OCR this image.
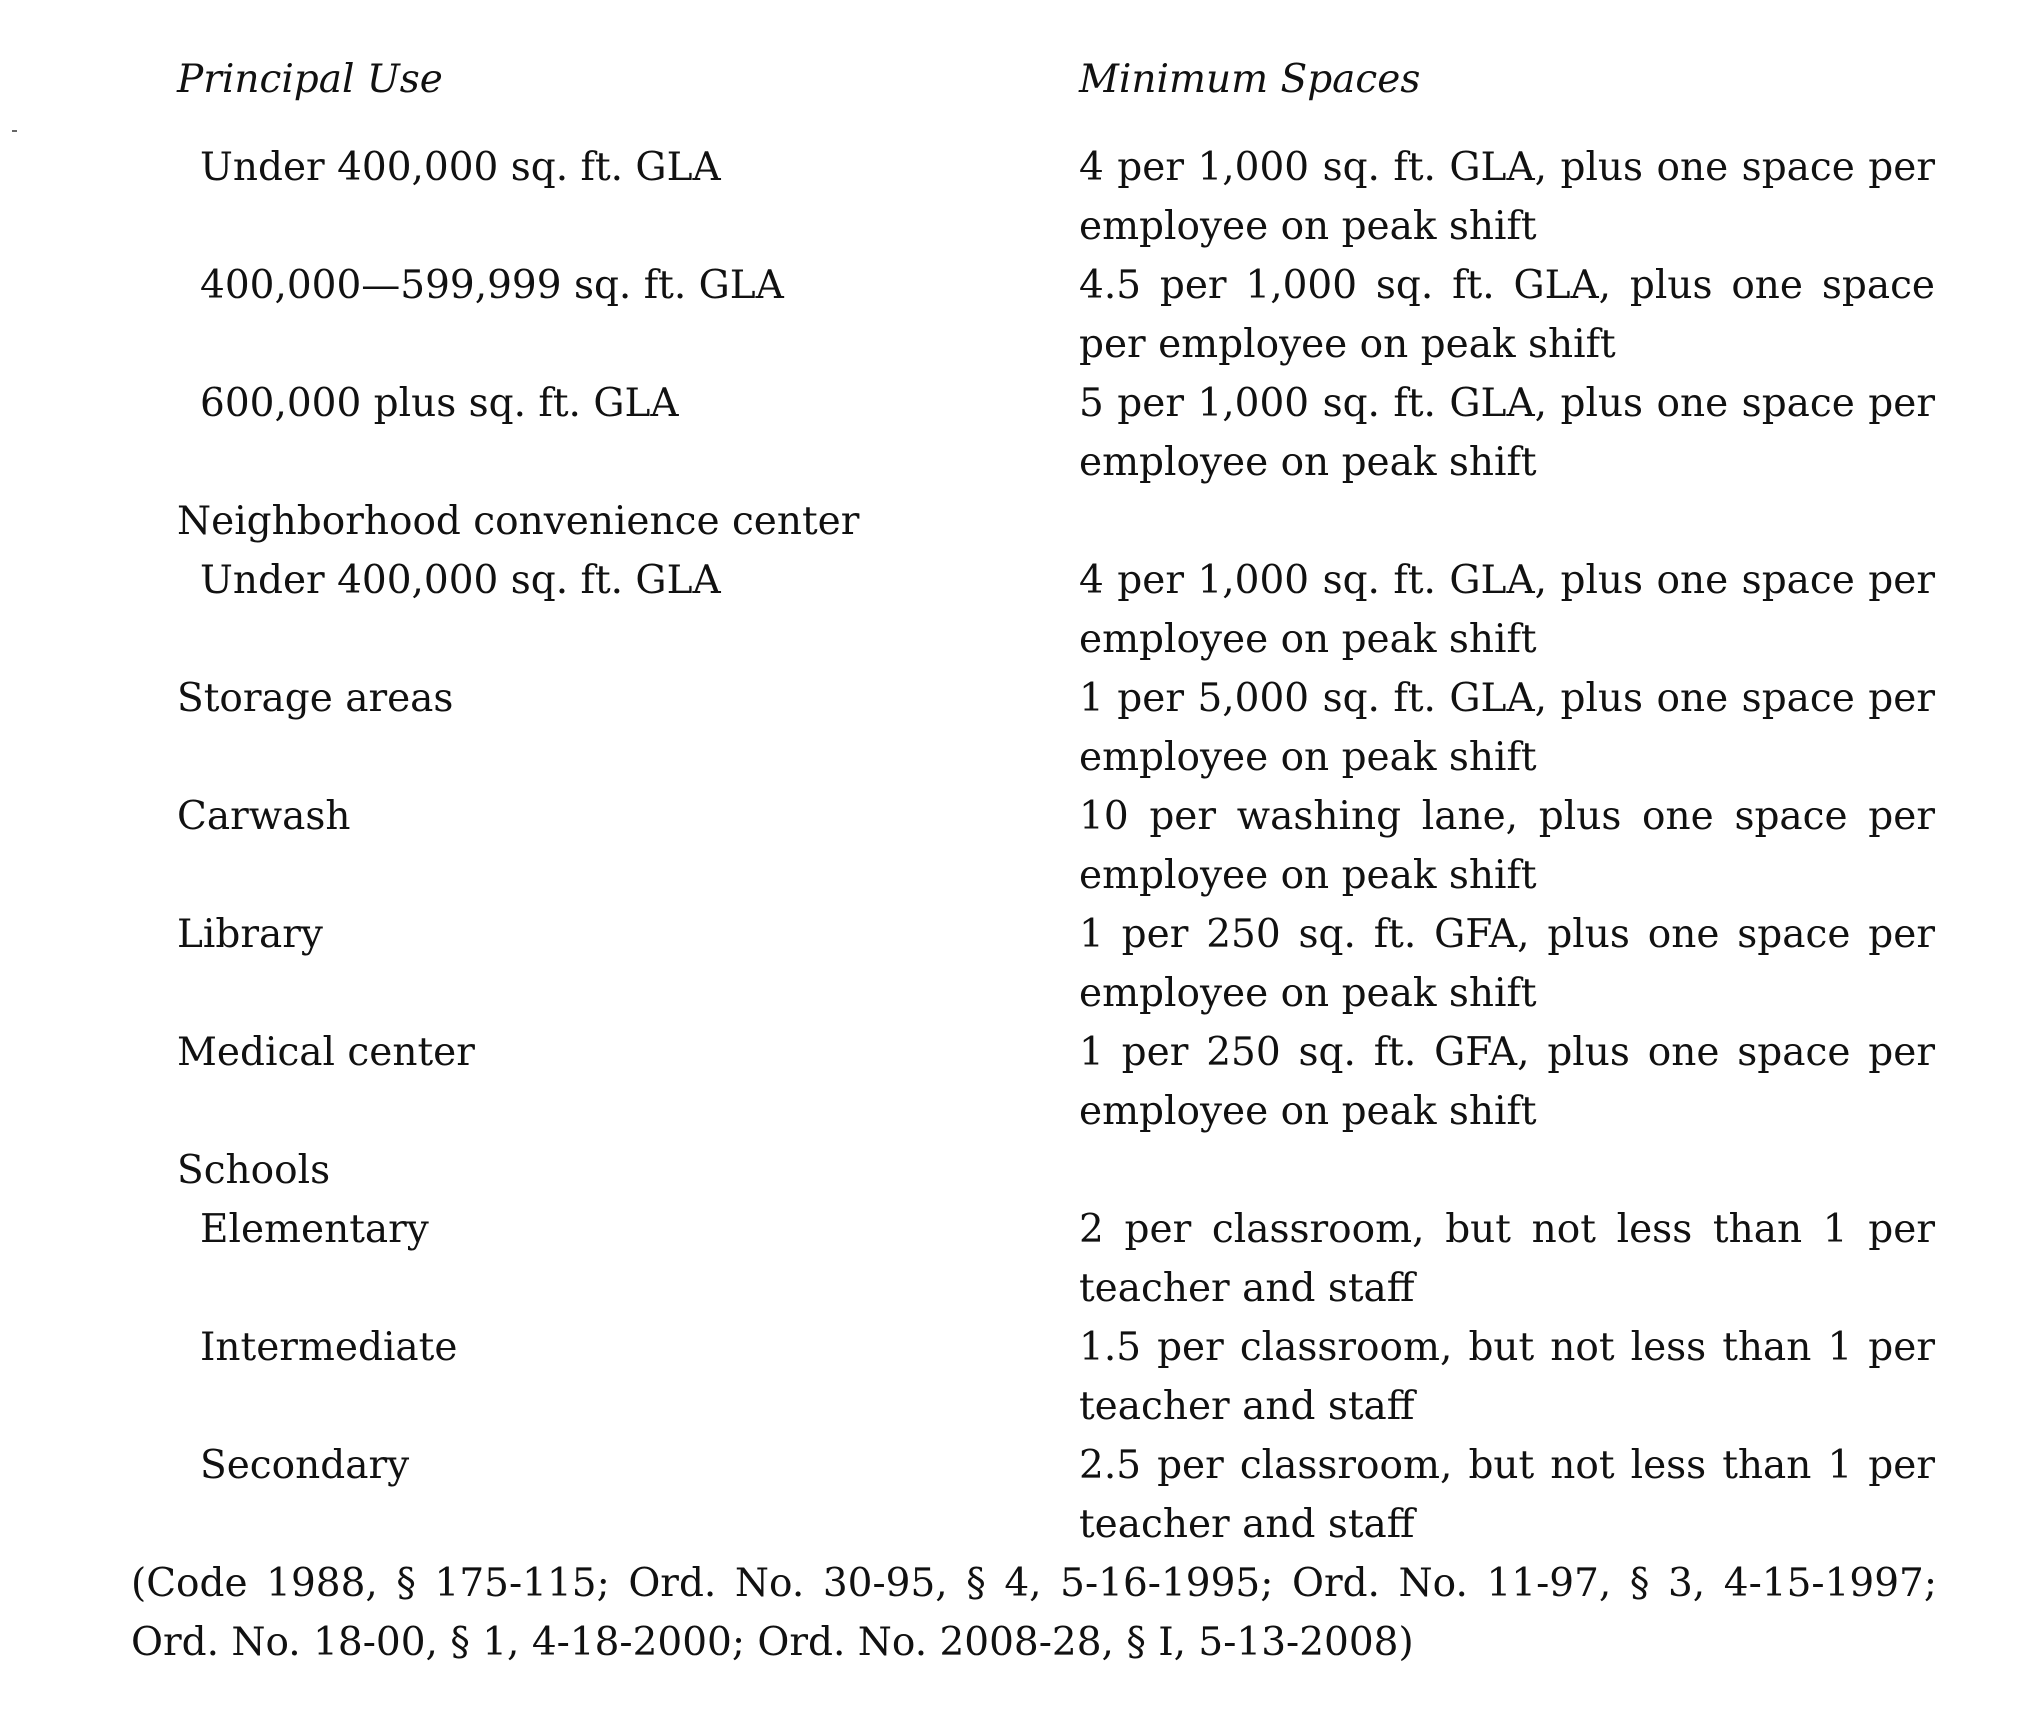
Principal Use	Minimum Spaces
Under 400,000 sq. ft. GLA	4 per 1,000 sq. ft. GLA, plus one space per employee on peak shift
400,000—599,999 sq. ft. GLA	4.5 per 1,000 sq. ft. GLA, plus one space per employee on peak shift
600,000 plus sq. ft. GLA	5 per 1,000 sq. ft. GLA, plus one space per employee on peak shift
Neighborhood convenience center
Under 400,000 sq. ft. GLA	4 per 1,000 sq. ft. GLA, plus one space per employee on peak shift
Storage areas	1 per 5,000 sq. ft. GLA, plus one space per employee on peak shift
Carwash	10 per washing lane, plus one space per employee on peak shift
Library	1 per 250 sq. ft. GFA, plus one space per employee on peak shift
Medical center	1 per 250 sq. ft. GFA, plus one space per employee on peak shift
Schools
Elementary	2 per classroom, but not less than 1 per teacher and staff
Intermediate	1.5 per classroom, but not less than 1 per teacher and staff
Secondary	2.5 per classroom, but not less than 1 per teacher and staff
(Code 1988, § 175-115; Ord. No. 30-95, § 4, 5-16-1995; Ord. No. 11-97, § 3, 4-15-1997; Ord. No. 18-00, § 1, 4-18-2000; Ord. No. 2008-28, § I, 5-13-2008)
